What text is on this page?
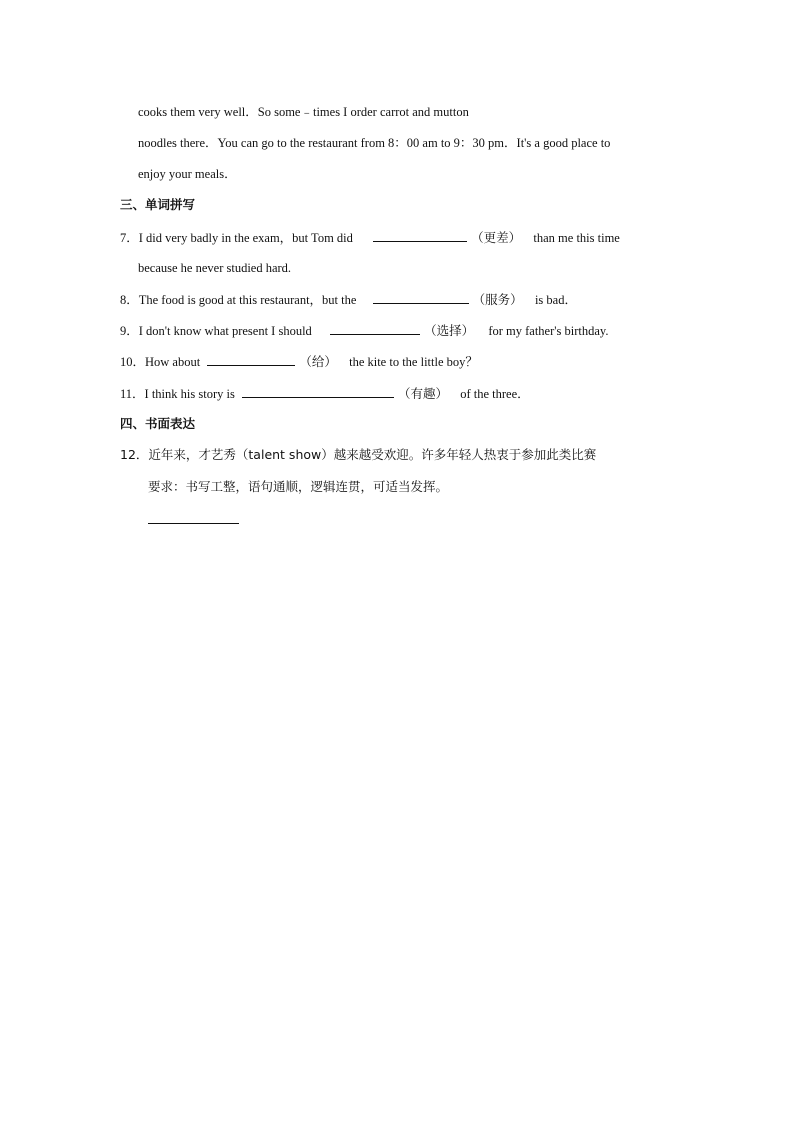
cooks them very well．So some﹣times I order carrot and mutton
noodles there．You can go to the restaurant from 8：00 am to 9：30 pm．It's a good place to
enjoy your meals．
三、单词拼写
7．I did very badly in the exam，but Tom did	（更差） than me this time
because he never studied hard.
8．The food is good at this restaurant，but the	（服务） is bad．
9．I don't know what present I should	（选择） for my father's birthday.
10．How about	（给） the kite to the little boy？
11．I think his story is	（有趣） of the three．
四、书面表达
12．近年来，才艺秀（talent show）越来越受欢迎。许多年轻人热衷于参加此类比赛
要求：书写工整，语句通顺，逻辑连贯，可适当发挥。
